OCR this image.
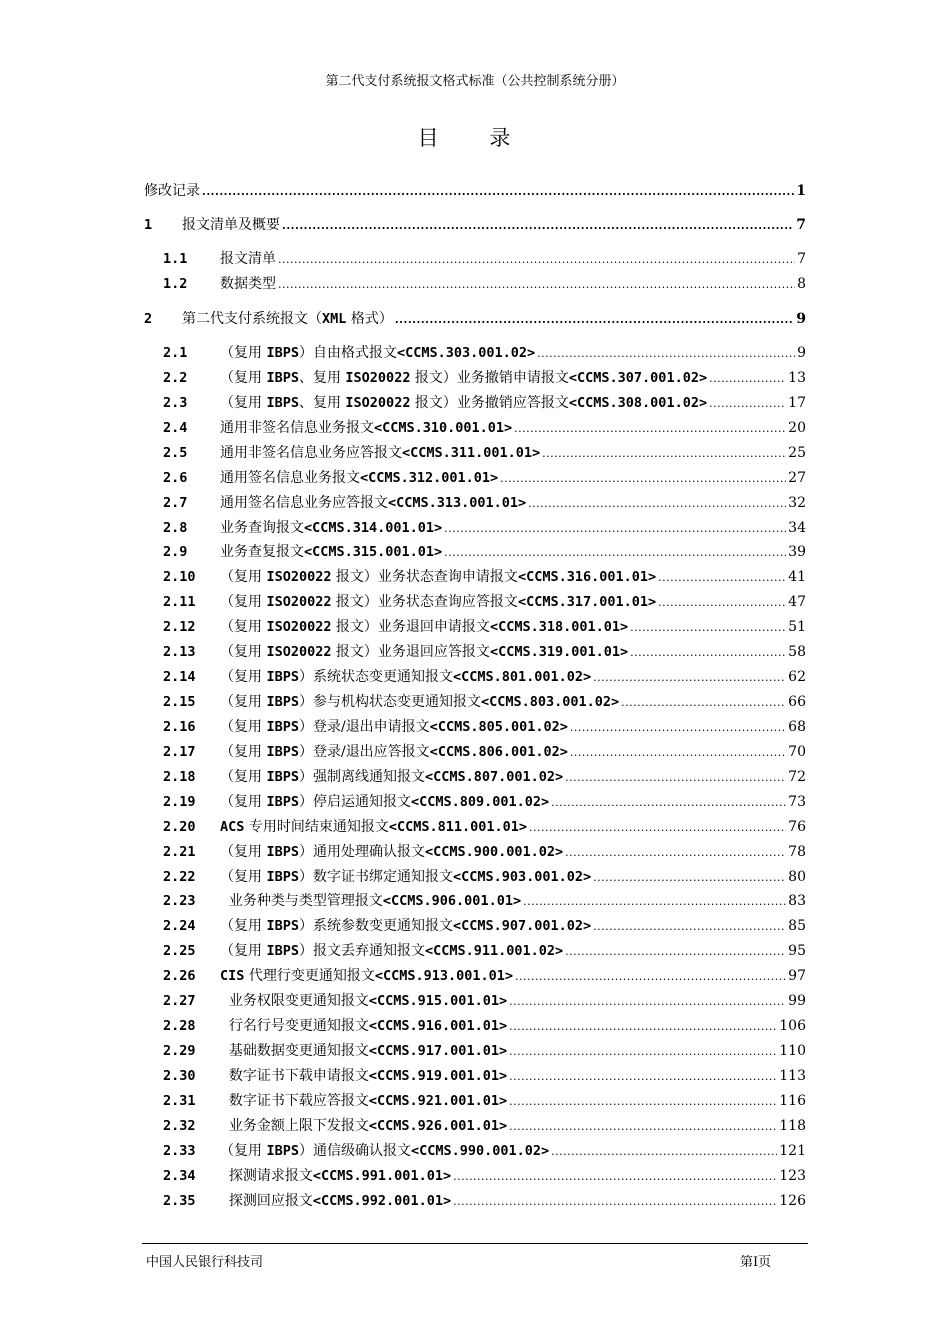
第二代支付系统报文格式标准（公共控制系统分册）
目 录
修改记录 .....	1
1	报文清单及概要 .....	7
1.1	报文清单 .....	7
1.2	数据类型 .....	8
2	第二代支付系统报文（XML 格式） .....	9
2.1	（复用 IBPS）自由格式报文<CCMS.303.001.02> .....	9
2.2	（复用 IBPS、复用 ISO20022 报文）业务撤销申请报文<CCMS.307.001.02> .....	13
2.3	（复用 IBPS、复用 ISO20022 报文）业务撤销应答报文<CCMS.308.001.02> .....	17
2.4	通用非签名信息业务报文<CCMS.310.001.01> .....	20
2.5	通用非签名信息业务应答报文<CCMS.311.001.01> .....	25
2.6	通用签名信息业务报文<CCMS.312.001.01> .....	27
2.7	通用签名信息业务应答报文<CCMS.313.001.01> .....	32
2.8	业务查询报文<CCMS.314.001.01> .....	34
2.9	业务查复报文<CCMS.315.001.01> .....	39
2.10	（复用 ISO20022 报文）业务状态查询申请报文<CCMS.316.001.01> .....	41
2.11	（复用 ISO20022 报文）业务状态查询应答报文<CCMS.317.001.01> .....	47
2.12	（复用 ISO20022 报文）业务退回申请报文<CCMS.318.001.01> .....	51
2.13	（复用 ISO20022 报文）业务退回应答报文<CCMS.319.001.01> .....	58
2.14	（复用 IBPS）系统状态变更通知报文<CCMS.801.001.02> .....	62
2.15	（复用 IBPS）参与机构状态变更通知报文<CCMS.803.001.02> .....	66
2.16	（复用 IBPS）登录/退出申请报文<CCMS.805.001.02> .....	68
2.17	（复用 IBPS）登录/退出应答报文<CCMS.806.001.02> .....	70
2.18	（复用 IBPS）强制离线通知报文<CCMS.807.001.02> .....	72
2.19	（复用 IBPS）停启运通知报文<CCMS.809.001.02> .....	73
2.20	ACS 专用时间结束通知报文<CCMS.811.001.01> .....	76
2.21	（复用 IBPS）通用处理确认报文<CCMS.900.001.02> .....	78
2.22	（复用 IBPS）数字证书绑定通知报文<CCMS.903.001.02> .....	80
2.23	业务种类与类型管理报文<CCMS.906.001.01> .....	83
2.24	（复用 IBPS）系统参数变更通知报文<CCMS.907.001.02> .....	85
2.25	（复用 IBPS）报文丢弃通知报文<CCMS.911.001.02> .....	95
2.26	CIS 代理行变更通知报文<CCMS.913.001.01> .....	97
2.27	业务权限变更通知报文<CCMS.915.001.01> .....	99
2.28	行名行号变更通知报文<CCMS.916.001.01> .....	106
2.29	基础数据变更通知报文<CCMS.917.001.01> .....	110
2.30	数字证书下载申请报文<CCMS.919.001.01> .....	113
2.31	数字证书下载应答报文<CCMS.921.001.01> .....	116
2.32	业务金额上限下发报文<CCMS.926.001.01> .....	118
2.33	（复用 IBPS）通信级确认报文<CCMS.990.001.02> .....	121
2.34	探测请求报文<CCMS.991.001.01> .....	123
2.35	探测回应报文<CCMS.992.001.01> .....	126
中国人民银行科技司	第I页
